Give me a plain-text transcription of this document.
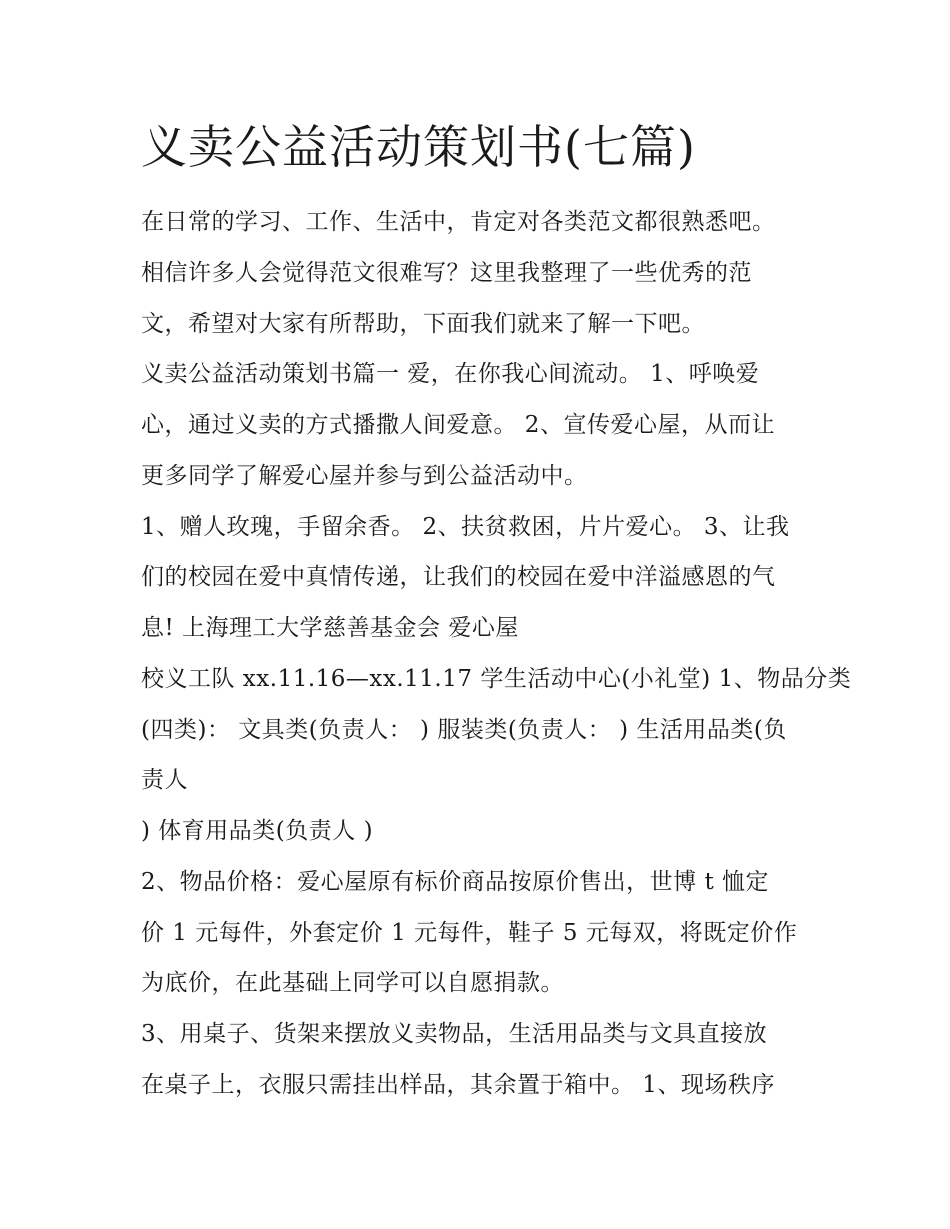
义卖公益活动策划书(七篇)
在日常的学习、工作、生活中，肯定对各类范文都很熟悉吧。
相信许多人会觉得范文很难写？这里我整理了一些优秀的范
文，希望对大家有所帮助，下面我们就来了解一下吧。
义卖公益活动策划书篇一 爱，在你我心间流动。 1、呼唤爱
心，通过义卖的方式播撒人间爱意。 2、宣传爱心屋，从而让
更多同学了解爱心屋并参与到公益活动中。
1、赠人玫瑰，手留余香。 2、扶贫救困，片片爱心。 3、让我
们的校园在爱中真情传递，让我们的校园在爱中洋溢感恩的气
息! 上海理工大学慈善基金会 爱心屋
校义工队 xx.11.16—xx.11.17 学生活动中心(小礼堂) 1、物品分类
(四类)： 文具类(负责人： ) 服装类(负责人： ) 生活用品类(负
责人
) 体育用品类(负责人 )
2、物品价格：爱心屋原有标价商品按原价售出，世博 t 恤定
价 1 元每件，外套定价 1 元每件，鞋子 5 元每双，将既定价作
为底价，在此基础上同学可以自愿捐款。
3、用桌子、货架来摆放义卖物品，生活用品类与文具直接放
在桌子上，衣服只需挂出样品，其余置于箱中。 1、现场秩序
